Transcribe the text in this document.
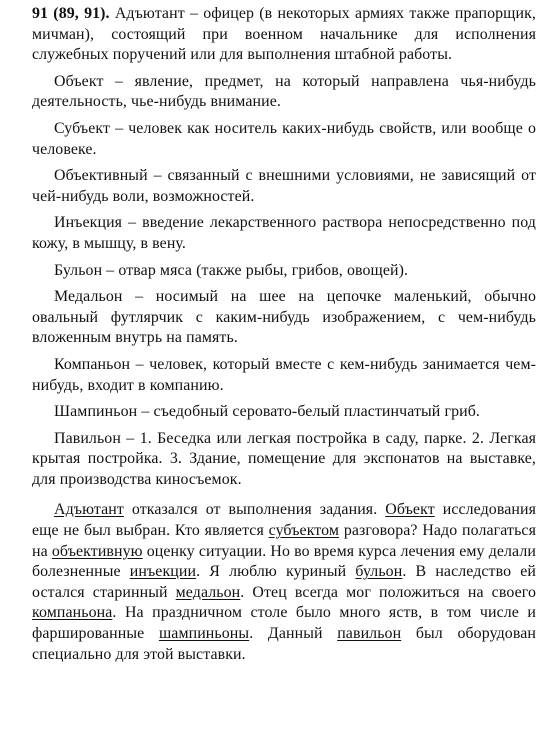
91 (89, 91). Адъютант – офицер (в некоторых армиях также прапорщик, мичман), состоящий при военном начальнике для исполнения служебных поручений или для выполнения штабной работы.

Объект – явление, предмет, на который направлена чья-нибудь деятельность, чье-нибудь внимание.

Субъект – человек как носитель каких-нибудь свойств, или вообще о человеке.

Объективный – связанный с внешними условиями, не зависящий от чей-нибудь воли, возможностей.

Инъекция – введение лекарственного раствора непосредственно под кожу, в мышцу, в вену.

Бульон – отвар мяса (также рыбы, грибов, овощей).

Медальон – носимый на шее на цепочке маленький, обычно овальный футлярчик с каким-нибудь изображением, с чем-нибудь вложенным внутрь на память.

Компаньон – человек, который вместе с кем-нибудь занимается чем-нибудь, входит в компанию.

Шампиньон – съедобный серовато-белый пластинчатый гриб.

Павильон – 1. Беседка или легкая постройка в саду, парке. 2. Легкая крытая постройка. 3. Здание, помещение для экспонатов на выставке, для производства киносъемок.

Адъютант отказался от выполнения задания. Объект исследования еще не был выбран. Кто является субъектом разговора? Надо полагаться на объективную оценку ситуации. Но во время курса лечения ему делали болезненные инъекции. Я люблю куриный бульон. В наследство ей остался старинный медальон. Отец всегда мог положиться на своего компаньона. На праздничном столе было много яств, в том числе и фаршированные шампиньоны. Данный павильон был оборудован специально для этой выставки.
